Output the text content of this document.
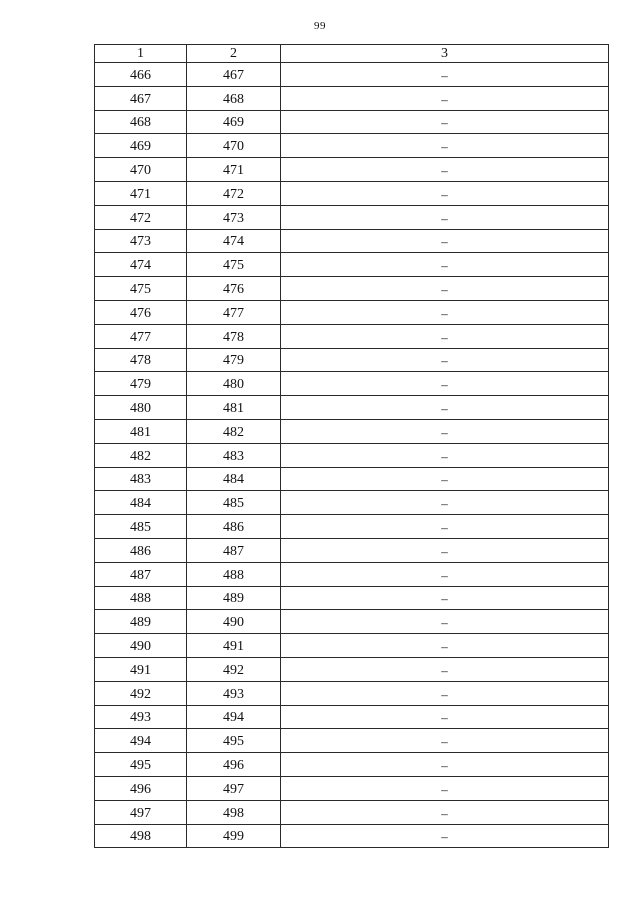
99
1	2	3
466	467	–
467	468	–
468	469	–
469	470	–
470	471	–
471	472	–
472	473	–
473	474	–
474	475	–
475	476	–
476	477	–
477	478	–
478	479	–
479	480	–
480	481	–
481	482	–
482	483	–
483	484	–
484	485	–
485	486	–
486	487	–
487	488	–
488	489	–
489	490	–
490	491	–
491	492	–
492	493	–
493	494	–
494	495	–
495	496	–
496	497	–
497	498	–
498	499	–
